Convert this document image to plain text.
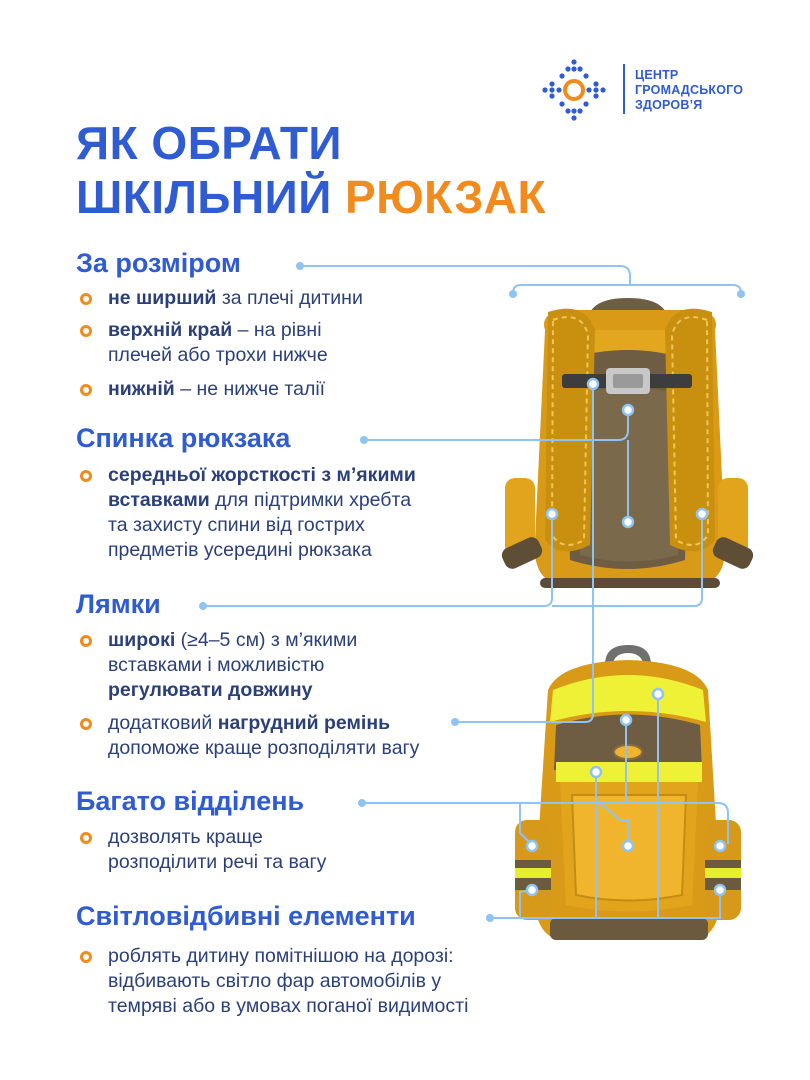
ЦЕНТР
ГРОМАДСЬКОГО
ЗДОРОВ’Я
ЯК ОБРАТИ
ШКІЛЬНИЙ РЮКЗАК
За розміром
не ширший за плечі дитини
верхній край – на рівні
плечей або трохи нижче
нижній – не нижче талії
Спинка рюкзака
середньої жорсткості з м’якими
вставками для підтримки хребта
та захисту спини від гострих
предметів усередині рюкзака
Лямки
широкі (≥4–5 см) з м’якими
вставками і можливістю
регулювати довжину
додатковий нагрудний ремінь
допоможе краще розподіляти вагу
Багато відділень
дозволять краще
розподілити речі та вагу
Світловідбивні елементи
роблять дитину помітнішою на дорозі:
відбивають світло фар автомобілів у
темряві або в умовах поганої видимості
